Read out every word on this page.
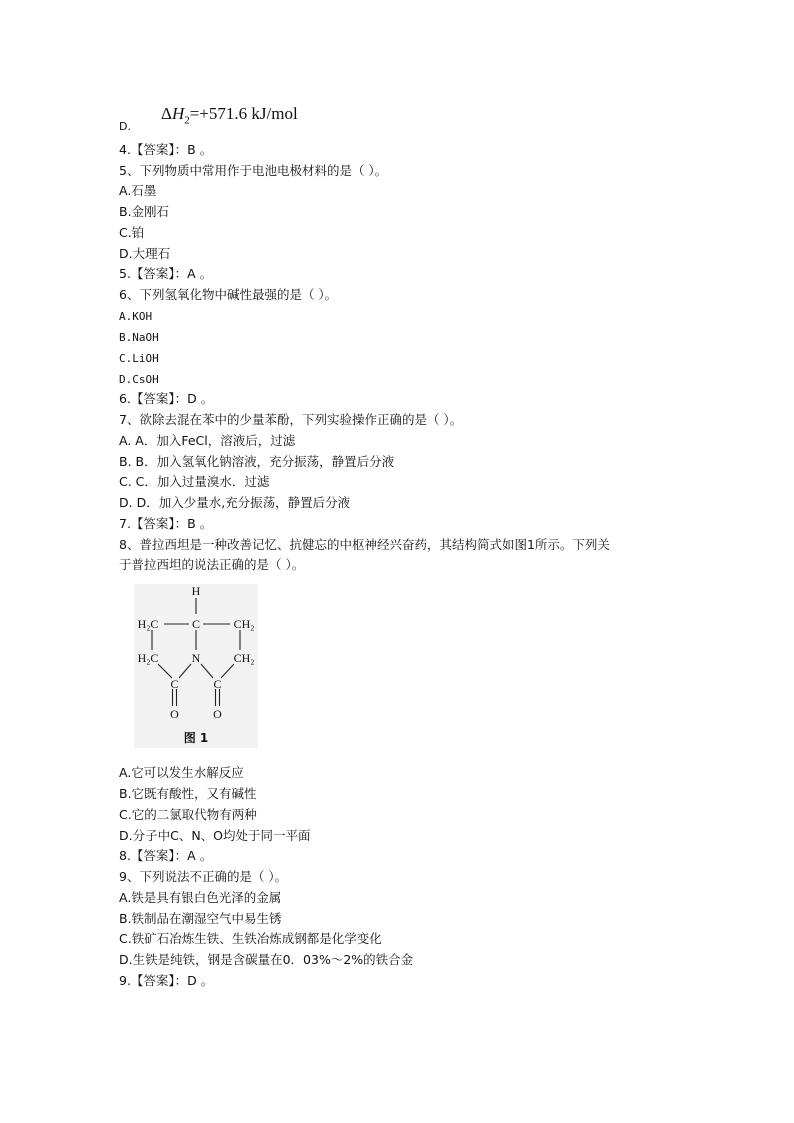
D.
$\Delta H_2=+571.6$ kJ/mol
4.【答案】：B 。
5、下列物质中常用作于电池电极材料的是（ ）。
A.石墨
B.金刚石
C.铂
D.大理石
5.【答案】：A 。
6、下列氢氧化物中碱性最强的是（ ）。
A.KOH
B.NaOH
C.LiOH
D.CsOH
6.【答案】：D 。
7、欲除去混在苯中的少量苯酚，下列实验操作正确的是（ ）。
A. A．加入FeCl，溶液后，过滤
B. B．加入氢氧化钠溶液，充分振荡，静置后分液
C. C．加入过量溴水．过滤
D. D．加入少量水,充分振荡，静置后分液
7.【答案】：B 。
8、普拉西坦是一种改善记忆、抗健忘的中枢神经兴奋药，其结构简式如图1所示。下列关
于普拉西坦的说法正确的是（ ）。
H
C
H₂C	CH₂
H₂C	N	CH₂
C	C
O	O
图 1
A.它可以发生水解反应
B.它既有酸性，又有碱性
C.它的二氯取代物有两种
D.分子中C、N、O均处于同一平面
8.【答案】：A 。
9、下列说法不正确的是（ ）。
A.铁是具有银白色光泽的金属
B.铁制品在潮湿空气中易生锈
C.铁矿石冶炼生铁、生铁冶炼成钢都是化学变化
D.生铁是纯铁，钢是含碳量在0．03%～2%的铁合金
9.【答案】：D 。
